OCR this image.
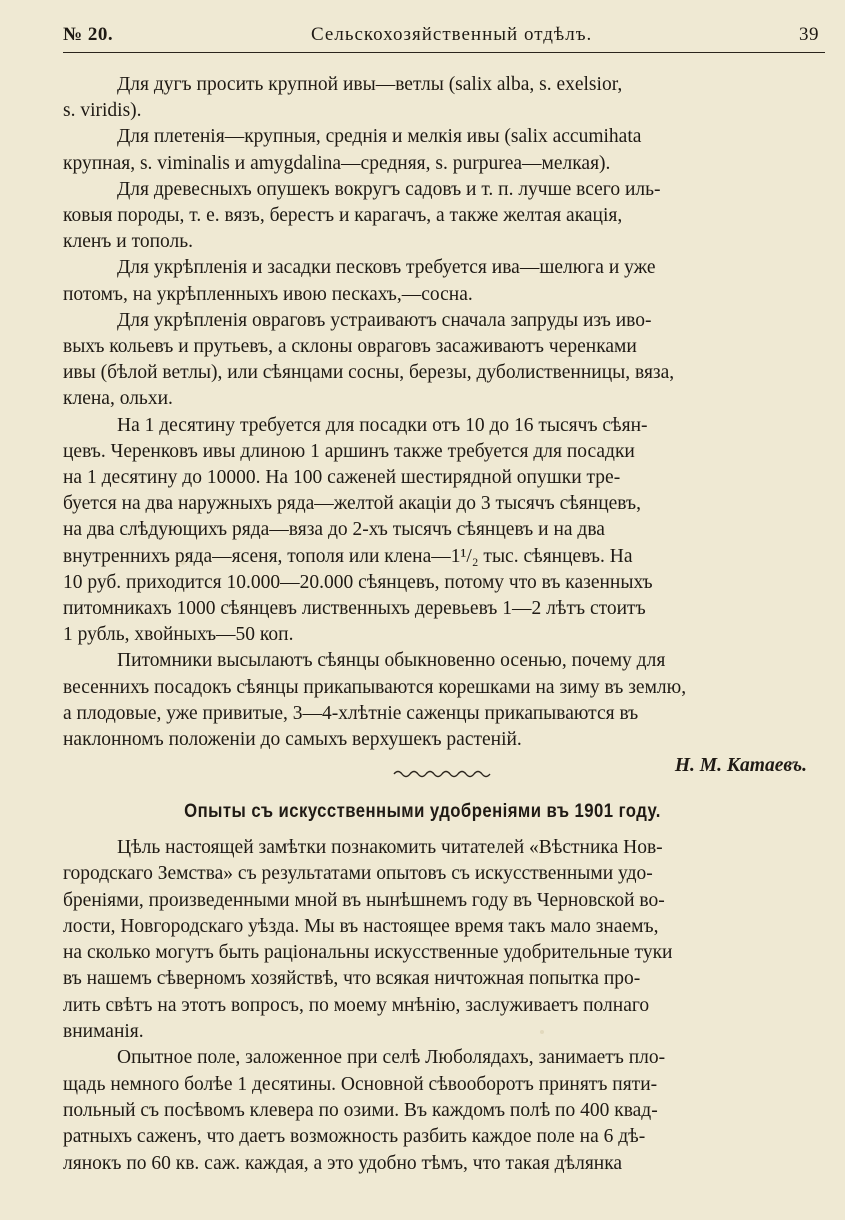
№ 20.	Сельскохозяйственный отдѣлъ.	39

Для дугъ просить крупной ивы—ветлы (salix alba, s. exelsior,
s. viridis).

Для плетенія—крупныя, среднія и мелкія ивы (salix accumihata
крупная, s. viminalis и amygdalina—средняя, s. purpurea—мелкая).

Для древесныхъ опушекъ вокругъ садовъ и т. п. лучше всего иль-
ковыя породы, т. е. вязъ, берестъ и карагачъ, а также желтая акація,
кленъ и тополь.

Для укрѣпленія и засадки песковъ требуется ива—шелюга и уже
потомъ, на укрѣпленныхъ ивою пескахъ,—сосна.

Для укрѣпленія овраговъ устраиваютъ сначала запруды изъ иво-
выхъ кольевъ и прутьевъ, а склоны овраговъ засаживаютъ черенками
ивы (бѣлой ветлы), или сѣянцами сосны, березы, дуболиственницы, вяза,
клена, ольхи.

На 1 десятину требуется для посадки отъ 10 до 16 тысячъ сѣян-
цевъ. Черенковъ ивы длиною 1 аршинъ также требуется для посадки
на 1 десятину до 10000. На 100 саженей шестирядной опушки тре-
буется на два наружныхъ ряда—желтой акаціи до 3 тысячъ сѣянцевъ,
на два слѣдующихъ ряда—вяза до 2-хъ тысячъ сѣянцевъ и на два
внутреннихъ ряда—ясеня, тополя или клена—1¹/₂ тыс. сѣянцевъ. На
10 руб. приходится 10.000—20.000 сѣянцевъ, потому что въ казенныхъ
питомникахъ 1000 сѣянцевъ лиственныхъ деревьевъ 1—2 лѣтъ стоитъ
1 рубль, хвойныхъ—50 коп.

Питомники высылаютъ сѣянцы обыкновенно осенью, почему для
весеннихъ посадокъ сѣянцы прикапываются корешками на зиму въ землю,
а плодовые, уже привитые, 3—4-хлѣтніе саженцы прикапываются въ
наклонномъ положеніи до самыхъ верхушекъ растеній.

Н. М. Катаевъ.

Опыты съ искусственными удобреніями въ 1901 году.

Цѣль настоящей замѣтки познакомить читателей «Вѣстника Нов-
городскаго Земства» съ результатами опытовъ съ искусственными удо-
бреніями, произведенными мной въ нынѣшнемъ году въ Черновской во-
лости, Новгородскаго уѣзда. Мы въ настоящее время такъ мало знаемъ,
на сколько могутъ быть раціональны искусственные удобрительные туки
въ нашемъ сѣверномъ хозяйствѣ, что всякая ничтожная попытка про-
лить свѣтъ на этотъ вопросъ, по моему мнѣнію, заслуживаетъ полнаго
вниманія.

Опытное поле, заложенное при селѣ Люболядахъ, занимаетъ пло-
щадь немного болѣе 1 десятины. Основной сѣвооборотъ принятъ пяти-
польный съ посѣвомъ клевера по озими. Въ каждомъ полѣ по 400 квад-
ратныхъ саженъ, что даетъ возможность разбить каждое поле на 6 дѣ-
лянокъ по 60 кв. саж. каждая, а это удобно тѣмъ, что такая дѣлянка
